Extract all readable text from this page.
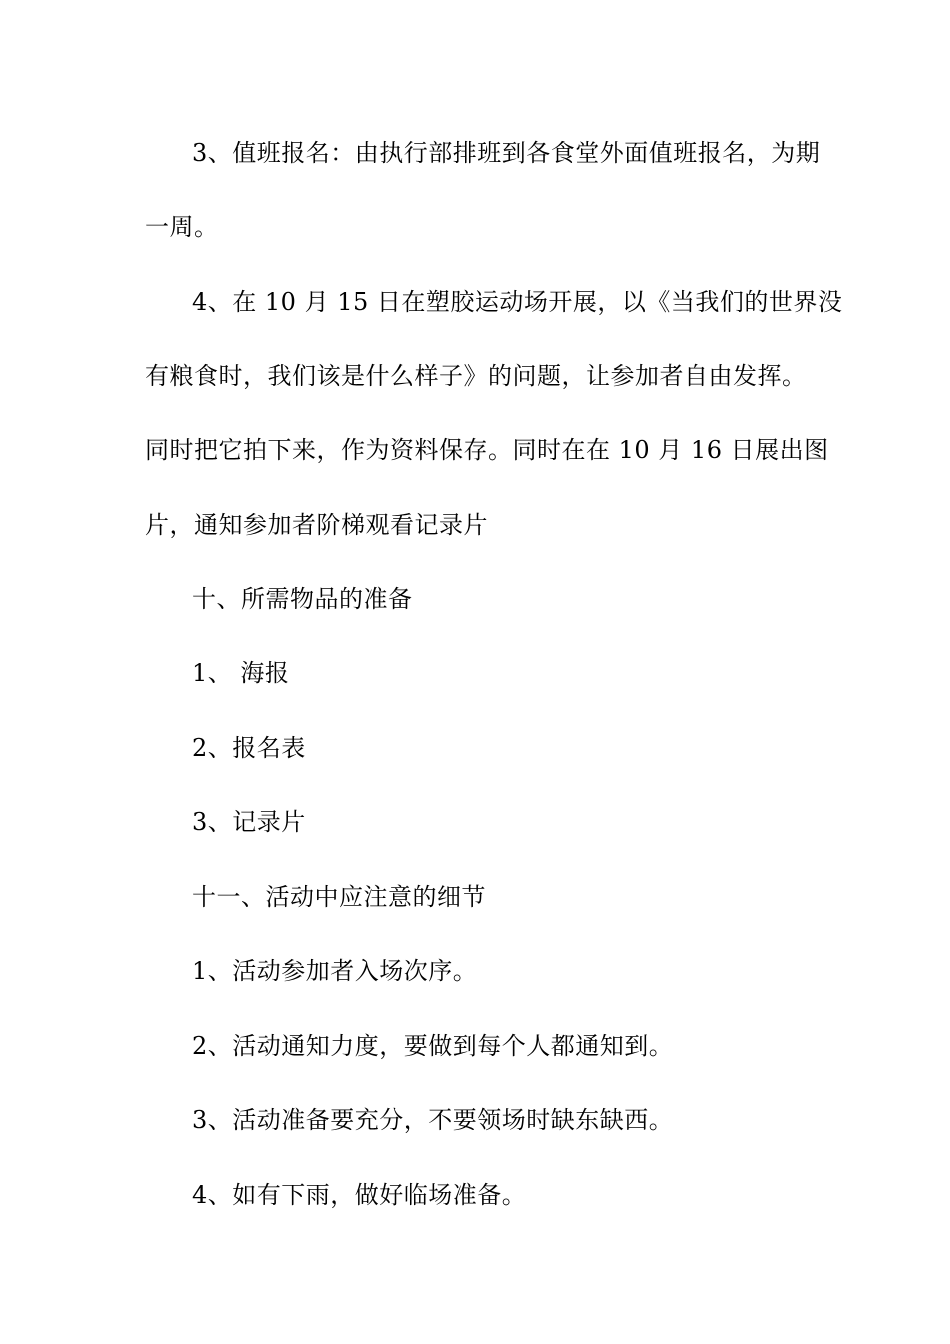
3、值班报名：由执行部排班到各食堂外面值班报名，为期
一周。
4、在 10 月 15 日在塑胶运动场开展，以《当我们的世界没
有粮食时，我们该是什么样子》的问题，让参加者自由发挥。
同时把它拍下来，作为资料保存。同时在在 10 月 16 日展出图
片，通知参加者阶梯观看记录片
十、所需物品的准备
1、 海报
2、报名表
3、记录片
十一、活动中应注意的细节
1、活动参加者入场次序。
2、活动通知力度，要做到每个人都通知到。
3、活动准备要充分，不要领场时缺东缺西。
4、如有下雨，做好临场准备。
